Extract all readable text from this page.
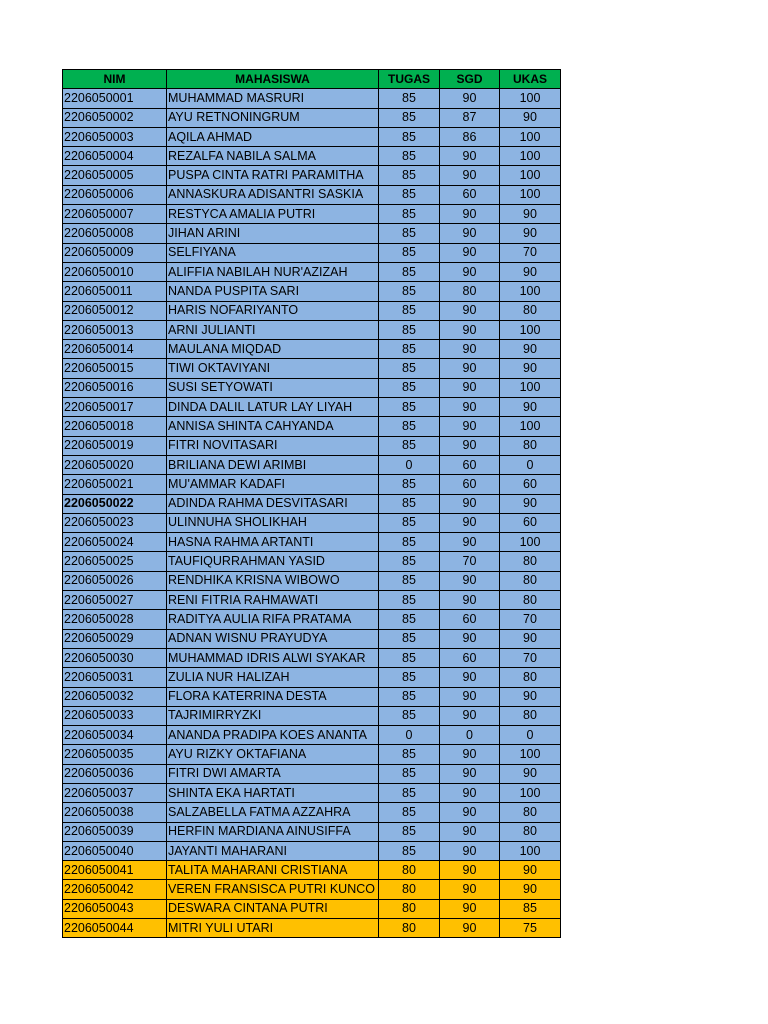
NIM	MAHASISWA	TUGAS	SGD	UKAS
2206050001	MUHAMMAD MASRURI	85	90	100
2206050002	AYU RETNONINGRUM	85	87	90
2206050003	AQILA AHMAD	85	86	100
2206050004	REZALFA NABILA SALMA	85	90	100
2206050005	PUSPA CINTA RATRI PARAMITHA	85	90	100
2206050006	ANNASKURA ADISANTRI SASKIA	85	60	100
2206050007	RESTYCA AMALIA PUTRI	85	90	90
2206050008	JIHAN ARINI	85	90	90
2206050009	SELFIYANA	85	90	70
2206050010	ALIFFIA NABILAH NUR'AZIZAH	85	90	90
2206050011	NANDA PUSPITA SARI	85	80	100
2206050012	HARIS NOFARIYANTO	85	90	80
2206050013	ARNI JULIANTI	85	90	100
2206050014	MAULANA MIQDAD	85	90	90
2206050015	TIWI OKTAVIYANI	85	90	90
2206050016	SUSI SETYOWATI	85	90	100
2206050017	DINDA DALIL LATUR LAY LIYAH	85	90	90
2206050018	ANNISA SHINTA CAHYANDA	85	90	100
2206050019	FITRI NOVITASARI	85	90	80
2206050020	BRILIANA DEWI ARIMBI	0	60	0
2206050021	MU'AMMAR KADAFI	85	60	60
2206050022	ADINDA RAHMA DESVITASARI	85	90	90
2206050023	ULINNUHA SHOLIKHAH	85	90	60
2206050024	HASNA RAHMA ARTANTI	85	90	100
2206050025	TAUFIQURRAHMAN YASID	85	70	80
2206050026	RENDHIKA KRISNA WIBOWO	85	90	80
2206050027	RENI FITRIA RAHMAWATI	85	90	80
2206050028	RADITYA AULIA RIFA PRATAMA	85	60	70
2206050029	ADNAN WISNU PRAYUDYA	85	90	90
2206050030	MUHAMMAD IDRIS ALWI SYAKAR	85	60	70
2206050031	ZULIA NUR HALIZAH	85	90	80
2206050032	FLORA KATERRINA DESTA	85	90	90
2206050033	TAJRIMIRRYZKI	85	90	80
2206050034	ANANDA PRADIPA KOES ANANTA	0	0	0
2206050035	AYU RIZKY OKTAFIANA	85	90	100
2206050036	FITRI DWI AMARTA	85	90	90
2206050037	SHINTA EKA HARTATI	85	90	100
2206050038	SALZABELLA FATMA AZZAHRA	85	90	80
2206050039	HERFIN MARDIANA AINUSIFFA	85	90	80
2206050040	JAYANTI MAHARANI	85	90	100
2206050041	TALITA MAHARANI CRISTIANA	80	90	90
2206050042	VEREN FRANSISCA PUTRI KUNCO	80	90	90
2206050043	DESWARA CINTANA PUTRI	80	90	85
2206050044	MITRI YULI UTARI	80	90	75
